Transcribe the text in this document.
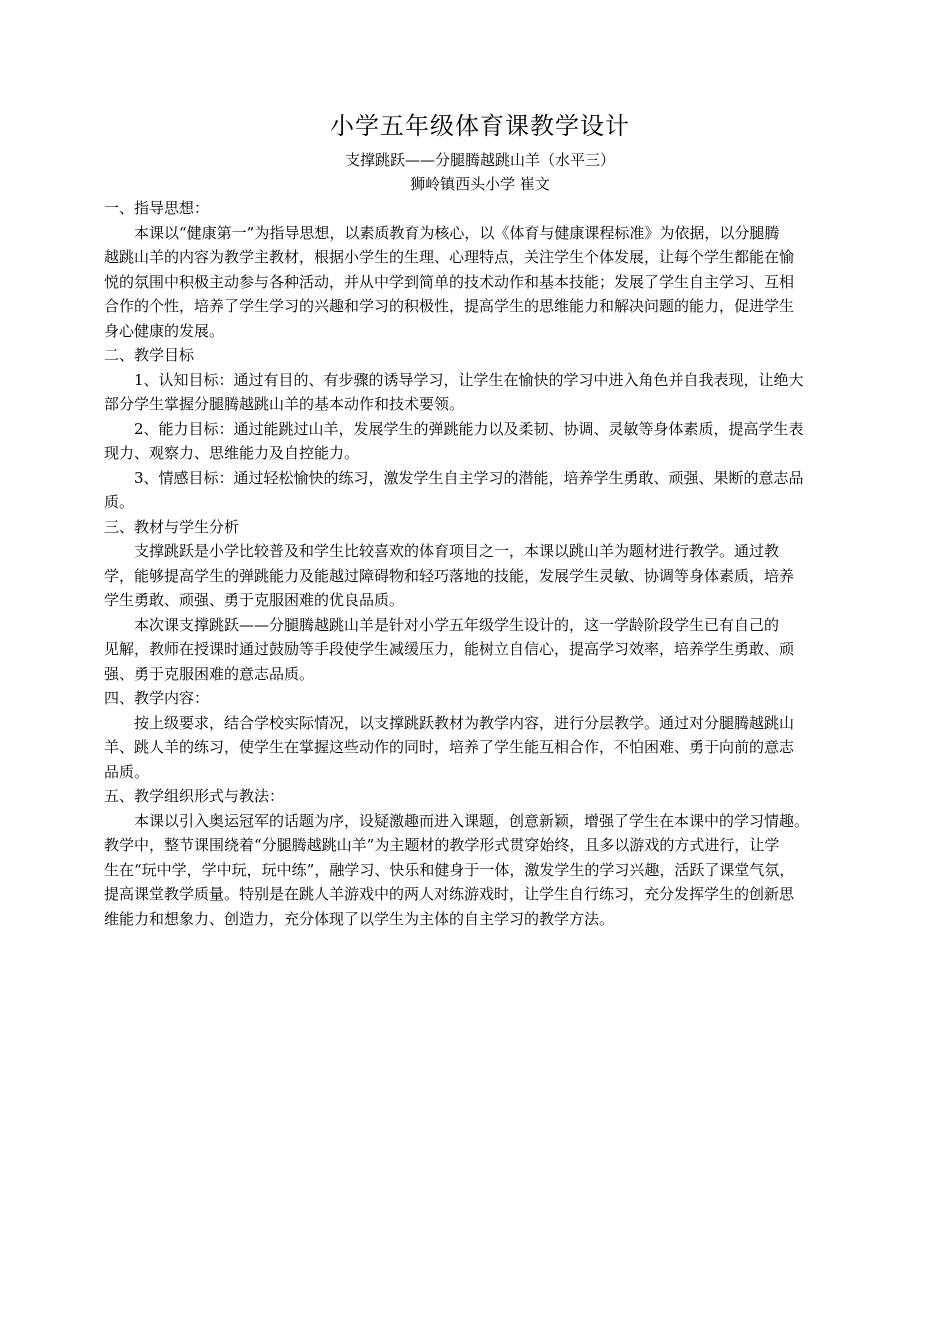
小学五年级体育课教学设计

支撑跳跃——分腿腾越跳山羊（水平三）

狮岭镇西头小学 崔文

一、指导思想：

本课以“健康第一”为指导思想，以素质教育为核心，以《体育与健康课程标准》为依据，以分腿腾
越跳山羊的内容为教学主教材，根据小学生的生理、心理特点，关注学生个体发展，让每个学生都能在愉
悦的氛围中积极主动参与各种活动，并从中学到简单的技术动作和基本技能；发展了学生自主学习、互相
合作的个性，培养了学生学习的兴趣和学习的积极性，提高学生的思维能力和解决问题的能力，促进学生
身心健康的发展。

二、教学目标

1、认知目标：通过有目的、有步骤的诱导学习，让学生在愉快的学习中进入角色并自我表现，让绝大
部分学生掌握分腿腾越跳山羊的基本动作和技术要领。
2、能力目标：通过能跳过山羊，发展学生的弹跳能力以及柔韧、协调、灵敏等身体素质，提高学生表
现力、观察力、思维能力及自控能力。
3、情感目标：通过轻松愉快的练习，激发学生自主学习的潜能，培养学生勇敢、顽强、果断的意志品
质。

三、教材与学生分析

支撑跳跃是小学比较普及和学生比较喜欢的体育项目之一，本课以跳山羊为题材进行教学。通过教
学，能够提高学生的弹跳能力及能越过障碍物和轻巧落地的技能，发展学生灵敏、协调等身体素质，培养
学生勇敢、顽强、勇于克服困难的优良品质。
本次课支撑跳跃——分腿腾越跳山羊是针对小学五年级学生设计的，这一学龄阶段学生已有自己的
见解，教师在授课时通过鼓励等手段使学生减缓压力，能树立自信心，提高学习效率，培养学生勇敢、顽
强、勇于克服困难的意志品质。

四、教学内容：

按上级要求，结合学校实际情况，以支撑跳跃教材为教学内容，进行分层教学。通过对分腿腾越跳山
羊、跳人羊的练习，使学生在掌握这些动作的同时，培养了学生能互相合作，不怕困难、勇于向前的意志
品质。

五、教学组织形式与教法：

本课以引入奥运冠军的话题为序，设疑激趣而进入课题，创意新颖，增强了学生在本课中的学习情趣。
教学中，整节课围绕着“分腿腾越跳山羊”为主题材的教学形式贯穿始终，且多以游戏的方式进行，让学
生在“玩中学，学中玩，玩中练”，融学习、快乐和健身于一体，激发学生的学习兴趣，活跃了课堂气氛，
提高课堂教学质量。特别是在跳人羊游戏中的两人对练游戏时，让学生自行练习，充分发挥学生的创新思
维能力和想象力、创造力，充分体现了以学生为主体的自主学习的教学方法。
